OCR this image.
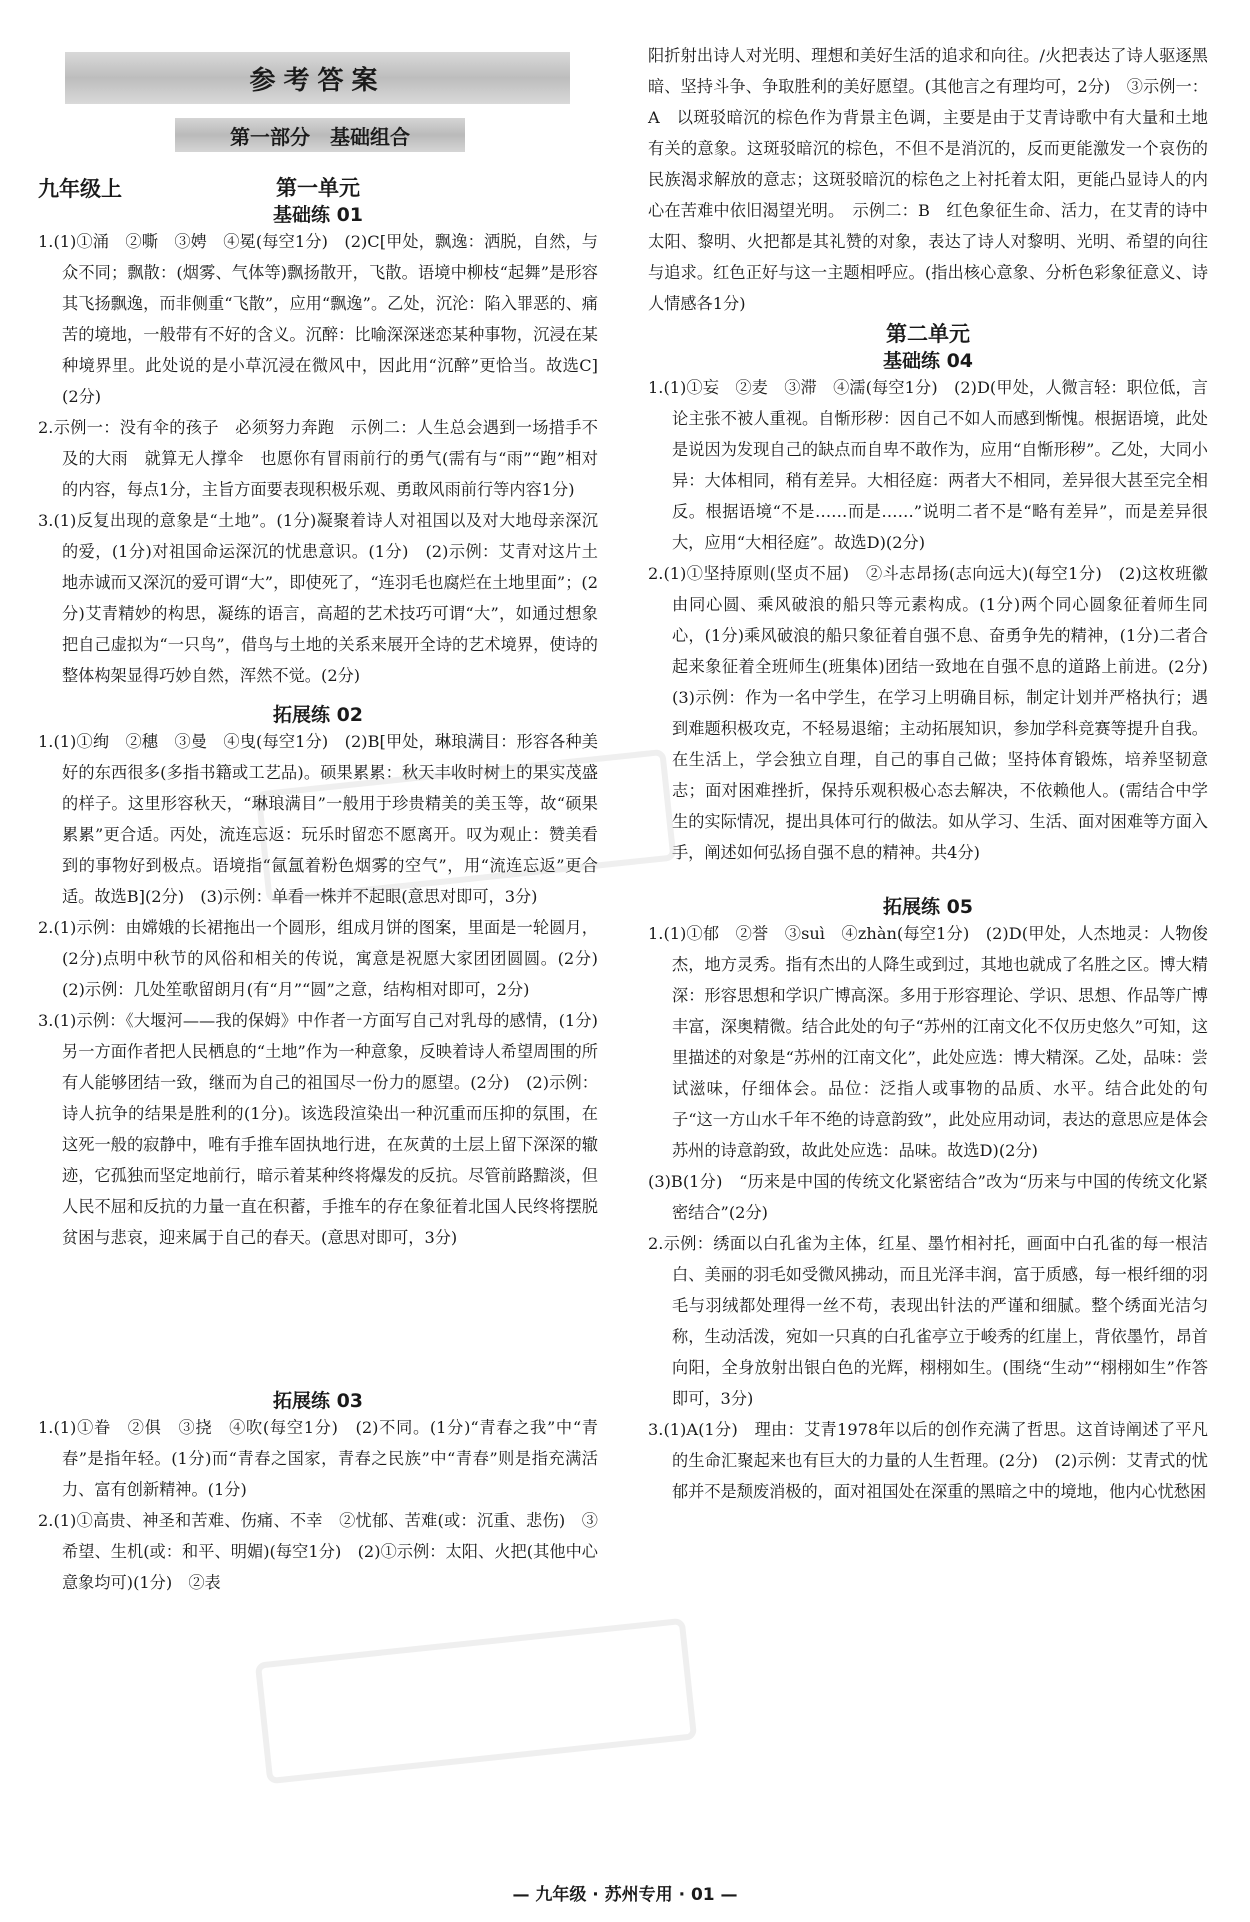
参考答案
第一部分　基础组合
九年级上	第一单元
基础练 01

1.(1)①涌　②嘶　③娉　④冕(每空1分)　(2)C[甲处，飘逸：洒脱，自然，与众不同；飘散：(烟雾、气体等)飘扬散开，飞散。语境中柳枝“起舞”是形容其飞扬飘逸，而非侧重“飞散”，应用“飘逸”。乙处，沉沦：陷入罪恶的、痛苦的境地，一般带有不好的含义。沉醉：比喻深深迷恋某种事物，沉浸在某种境界里。此处说的是小草沉浸在微风中，因此用“沉醉”更恰当。故选C](2分)

2.示例一：没有伞的孩子　必须努力奔跑　示例二：人生总会遇到一场措手不及的大雨　就算无人撑伞　也愿你有冒雨前行的勇气(需有与“雨”“跑”相对的内容，每点1分，主旨方面要表现积极乐观、勇敢风雨前行等内容1分)

3.(1)反复出现的意象是“土地”。(1分)凝聚着诗人对祖国以及对大地母亲深沉的爱，(1分)对祖国命运深沉的忧患意识。(1分)　(2)示例：艾青对这片土地赤诚而又深沉的爱可谓“大”，即使死了，“连羽毛也腐烂在土地里面”；(2分)艾青精妙的构思，凝练的语言，高超的艺术技巧可谓“大”，如通过想象把自己虚拟为“一只鸟”，借鸟与土地的关系来展开全诗的艺术境界，使诗的整体构架显得巧妙自然，浑然不觉。(2分)

拓展练 02

1.(1)①绚　②穗　③曼　④曳(每空1分)　(2)B[甲处，琳琅满目：形容各种美好的东西很多(多指书籍或工艺品)。硕果累累：秋天丰收时树上的果实茂盛的样子。这里形容秋天，“琳琅满目”一般用于珍贵精美的美玉等，故“硕果累累”更合适。丙处，流连忘返：玩乐时留恋不愿离开。叹为观止：赞美看到的事物好到极点。语境指“氤氲着粉色烟雾的空气”，用“流连忘返”更合适。故选B](2分)　(3)示例：单看一株并不起眼(意思对即可，3分)

2.(1)示例：由嫦娥的长裙拖出一个圆形，组成月饼的图案，里面是一轮圆月，(2分)点明中秋节的风俗和相关的传说，寓意是祝愿大家团团圆圆。(2分)　(2)示例：几处笙歌留朗月(有“月”“圆”之意，结构相对即可，2分)

3.(1)示例：《大堰河——我的保姆》中作者一方面写自己对乳母的感情，(1分)另一方面作者把人民栖息的“土地”作为一种意象，反映着诗人希望周围的所有人能够团结一致，继而为自己的祖国尽一份力的愿望。(2分)　(2)示例：诗人抗争的结果是胜利的(1分)。该选段渲染出一种沉重而压抑的氛围，在这死一般的寂静中，唯有手推车固执地行进，在灰黄的土层上留下深深的辙迹，它孤独而坚定地前行，暗示着某种终将爆发的反抗。尽管前路黯淡，但人民不屈和反抗的力量一直在积蓄，手推车的存在象征着北国人民终将摆脱贫困与悲哀，迎来属于自己的春天。(意思对即可，3分)

拓展练 03

1.(1)①眷　②俱　③挠　④吹(每空1分)　(2)不同。(1分)“青春之我”中“青春”是指年轻。(1分)而“青春之国家，青春之民族”中“青春”则是指充满活力、富有创新精神。(1分)

2.(1)①高贵、神圣和苦难、伤痛、不幸　②忧郁、苦难(或：沉重、悲伤)　③希望、生机(或：和平、明媚)(每空1分)　(2)①示例：太阳、火把(其他中心意象均可)(1分)　②表

阳折射出诗人对光明、理想和美好生活的追求和向往。/火把表达了诗人驱逐黑暗、坚持斗争、争取胜利的美好愿望。(其他言之有理均可，2分)　③示例一：A　以斑驳暗沉的棕色作为背景主色调，主要是由于艾青诗歌中有大量和土地有关的意象。这斑驳暗沉的棕色，不但不是消沉的，反而更能激发一个哀伤的民族渴求解放的意志；这斑驳暗沉的棕色之上衬托着太阳，更能凸显诗人的内心在苦难中依旧渴望光明。　示例二：B　红色象征生命、活力，在艾青的诗中太阳、黎明、火把都是其礼赞的对象，表达了诗人对黎明、光明、希望的向往与追求。红色正好与这一主题相呼应。(指出核心意象、分析色彩象征意义、诗人情感各1分)

第二单元
基础练 04

1.(1)①妄　②麦　③滞　④濡(每空1分)　(2)D(甲处，人微言轻：职位低，言论主张不被人重视。自惭形秽：因自己不如人而感到惭愧。根据语境，此处是说因为发现自己的缺点而自卑不敢作为，应用“自惭形秽”。乙处，大同小异：大体相同，稍有差异。大相径庭：两者大不相同，差异很大甚至完全相反。根据语境“不是……而是……”说明二者不是“略有差异”，而是差异很大，应用“大相径庭”。故选D)(2分)

2.(1)①坚持原则(坚贞不屈)　②斗志昂扬(志向远大)(每空1分)　(2)这枚班徽由同心圆、乘风破浪的船只等元素构成。(1分)两个同心圆象征着师生同心，(1分)乘风破浪的船只象征着自强不息、奋勇争先的精神，(1分)二者合起来象征着全班师生(班集体)团结一致地在自强不息的道路上前进。(2分)　(3)示例：作为一名中学生，在学习上明确目标，制定计划并严格执行；遇到难题积极攻克，不轻易退缩；主动拓展知识，参加学科竞赛等提升自我。在生活上，学会独立自理，自己的事自己做；坚持体育锻炼，培养坚韧意志；面对困难挫折，保持乐观积极心态去解决，不依赖他人。(需结合中学生的实际情况，提出具体可行的做法。如从学习、生活、面对困难等方面入手，阐述如何弘扬自强不息的精神。共4分)

拓展练 05

1.(1)①郁　②誉　③suì　④zhàn(每空1分)　(2)D(甲处，人杰地灵：人物俊杰，地方灵秀。指有杰出的人降生或到过，其地也就成了名胜之区。博大精深：形容思想和学识广博高深。多用于形容理论、学识、思想、作品等广博丰富，深奥精微。结合此处的句子“苏州的江南文化不仅历史悠久”可知，这里描述的对象是“苏州的江南文化”，此处应选：博大精深。乙处，品味：尝试滋味，仔细体会。品位：泛指人或事物的品质、水平。结合此处的句子“这一方山水千年不绝的诗意韵致”，此处应用动词，表达的意思应是体会苏州的诗意韵致，故此处应选：品味。故选D)(2分)

(3)B(1分)　“历来是中国的传统文化紧密结合”改为“历来与中国的传统文化紧密结合”(2分)

2.示例：绣面以白孔雀为主体，红星、墨竹相衬托，画面中白孔雀的每一根洁白、美丽的羽毛如受微风拂动，而且光泽丰润，富于质感，每一根纤细的羽毛与羽绒都处理得一丝不苟，表现出针法的严谨和细腻。整个绣面光洁匀称，生动活泼，宛如一只真的白孔雀亭立于峻秀的红崖上，背依墨竹，昂首向阳，全身放射出银白色的光辉，栩栩如生。(围绕“生动”“栩栩如生”作答即可，3分)

3.(1)A(1分)　理由：艾青1978年以后的创作充满了哲思。这首诗阐述了平凡的生命汇聚起来也有巨大的力量的人生哲理。(2分)　(2)示例：艾青式的忧郁并不是颓废消极的，面对祖国处在深重的黑暗之中的境地，他内心忧愁困

— 九年级 · 苏州专用 · 01 —
